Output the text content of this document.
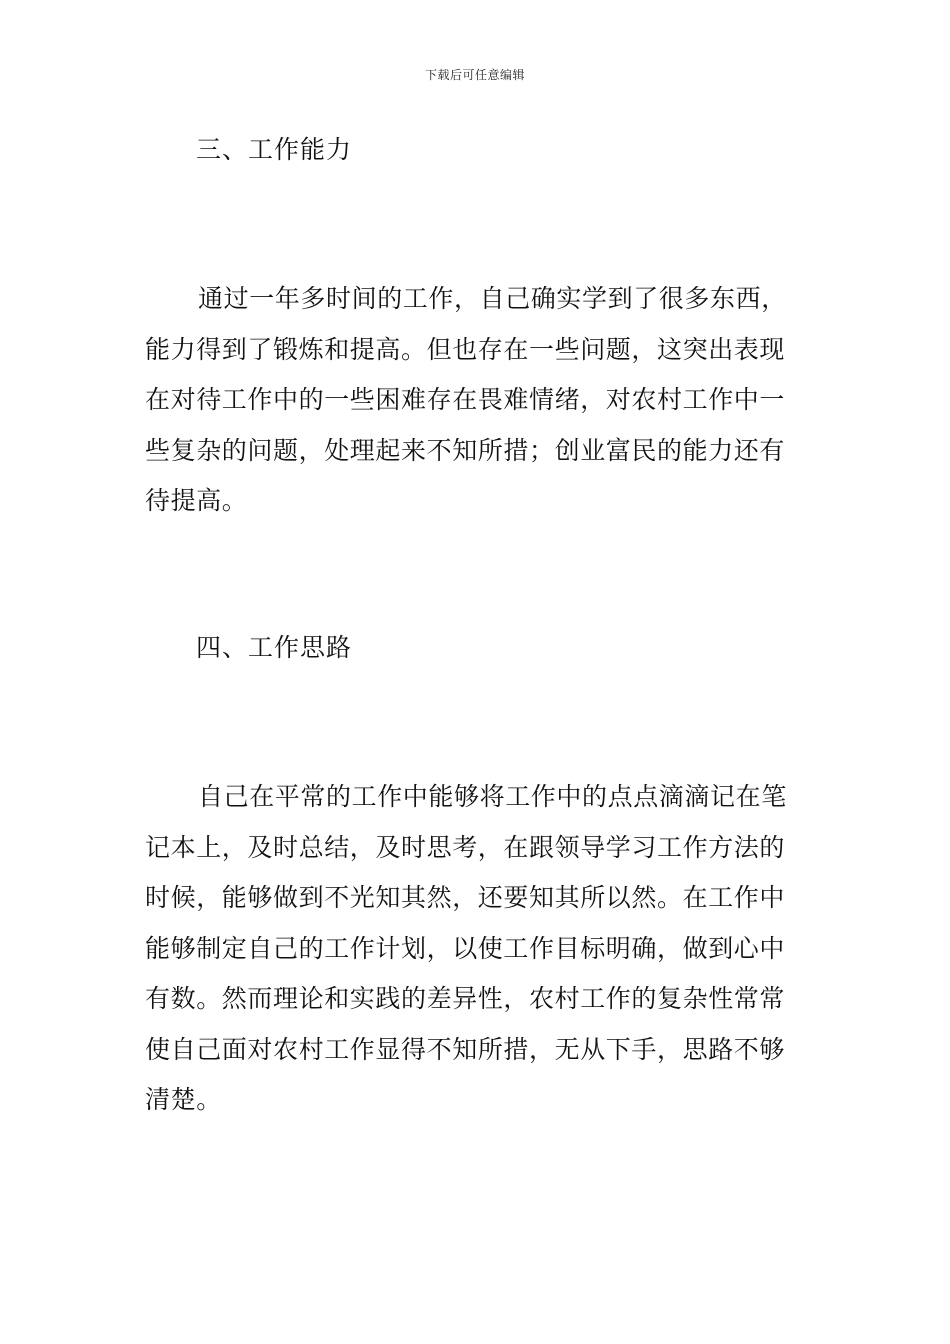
下载后可任意编辑
三、工作能力

通过一年多时间的工作，自己确实学到了很多东西，

能力得到了锻炼和提高。但也存在一些问题，这突出表现

在对待工作中的一些困难存在畏难情绪，对农村工作中一

些复杂的问题，处理起来不知所措；创业富民的能力还有

待提高。

四、工作思路

自己在平常的工作中能够将工作中的点点滴滴记在笔

记本上，及时总结，及时思考，在跟领导学习工作方法的

时候，能够做到不光知其然，还要知其所以然。在工作中

能够制定自己的工作计划，以使工作目标明确，做到心中

有数。然而理论和实践的差异性，农村工作的复杂性常常

使自己面对农村工作显得不知所措，无从下手，思路不够

清楚。
